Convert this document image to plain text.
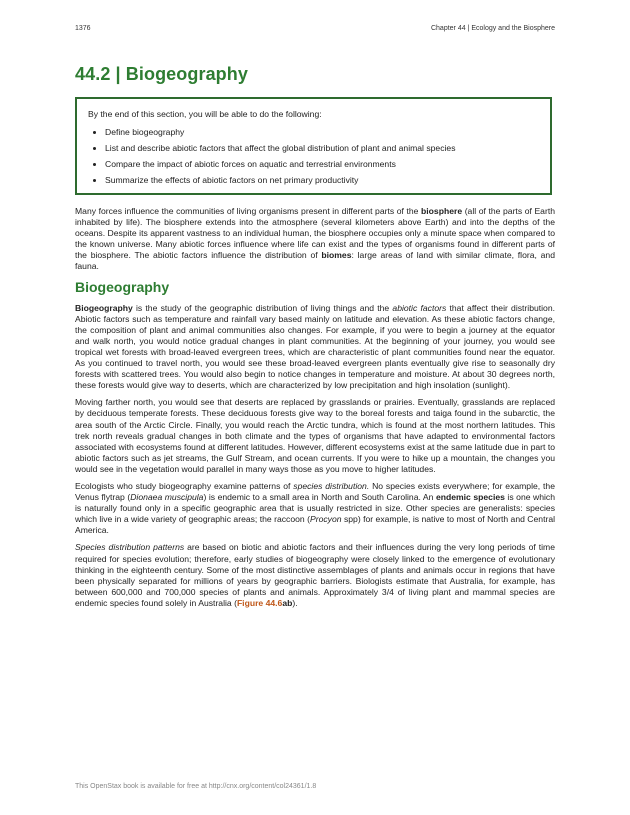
1376	Chapter 44 | Ecology and the Biosphere
44.2 | Biogeography

By the end of this section, you will be able to do the following:

• Define biogeography
• List and describe abiotic factors that affect the global distribution of plant and animal species
• Compare the impact of abiotic forces on aquatic and terrestrial environments
• Summarize the effects of abiotic factors on net primary productivity

Many forces influence the communities of living organisms present in different parts of the biosphere (all of the parts of Earth inhabited by life). The biosphere extends into the atmosphere (several kilometers above Earth) and into the depths of the oceans. Despite its apparent vastness to an individual human, the biosphere occupies only a minute space when compared to the known universe. Many abiotic forces influence where life can exist and the types of organisms found in different parts of the biosphere. The abiotic factors influence the distribution of biomes: large areas of land with similar climate, flora, and fauna.

Biogeography

Biogeography is the study of the geographic distribution of living things and the abiotic factors that affect their distribution. Abiotic factors such as temperature and rainfall vary based mainly on latitude and elevation. As these abiotic factors change, the composition of plant and animal communities also changes. For example, if you were to begin a journey at the equator and walk north, you would notice gradual changes in plant communities. At the beginning of your journey, you would see tropical wet forests with broad-leaved evergreen trees, which are characteristic of plant communities found near the equator. As you continued to travel north, you would see these broad-leaved evergreen plants eventually give rise to seasonally dry forests with scattered trees. You would also begin to notice changes in temperature and moisture. At about 30 degrees north, these forests would give way to deserts, which are characterized by low precipitation and high insolation (sunlight).

Moving farther north, you would see that deserts are replaced by grasslands or prairies. Eventually, grasslands are replaced by deciduous temperate forests. These deciduous forests give way to the boreal forests and taiga found in the subarctic, the area south of the Arctic Circle. Finally, you would reach the Arctic tundra, which is found at the most northern latitudes. This trek north reveals gradual changes in both climate and the types of organisms that have adapted to environmental factors associated with ecosystems found at different latitudes. However, different ecosystems exist at the same latitude due in part to abiotic factors such as jet streams, the Gulf Stream, and ocean currents. If you were to hike up a mountain, the changes you would see in the vegetation would parallel in many ways those as you move to higher latitudes.

Ecologists who study biogeography examine patterns of species distribution. No species exists everywhere; for example, the Venus flytrap (Dionaea muscipula) is endemic to a small area in North and South Carolina. An endemic species is one which is naturally found only in a specific geographic area that is usually restricted in size. Other species are generalists: species which live in a wide variety of geographic areas; the raccoon (Procyon spp) for example, is native to most of North and Central America.

Species distribution patterns are based on biotic and abiotic factors and their influences during the very long periods of time required for species evolution; therefore, early studies of biogeography were closely linked to the emergence of evolutionary thinking in the eighteenth century. Some of the most distinctive assemblages of plants and animals occur in regions that have been physically separated for millions of years by geographic barriers. Biologists estimate that Australia, for example, has between 600,000 and 700,000 species of plants and animals. Approximately 3/4 of living plant and mammal species are endemic species found solely in Australia (Figure 44.6ab).

This OpenStax book is available for free at http://cnx.org/content/col24361/1.8
